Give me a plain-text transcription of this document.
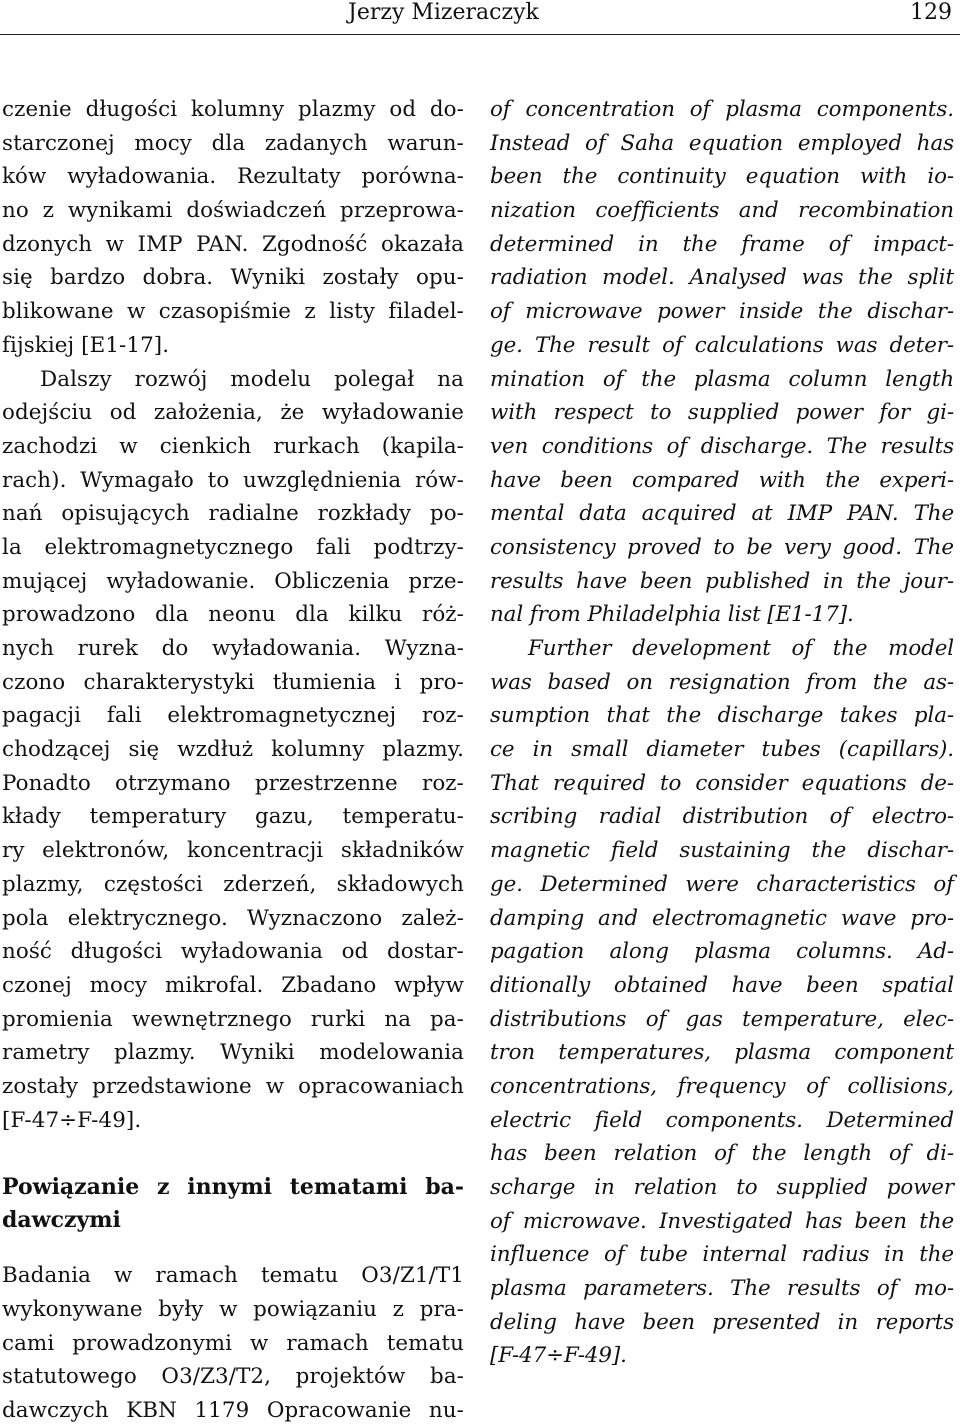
Jerzy Mizeraczyk	129
czenie długości kolumny plazmy od do-
starczonej mocy dla zadanych warun-
ków wyładowania. Rezultaty porówna-
no z wynikami doświadczeń przeprowa-
dzonych w IMP PAN. Zgodność okazała
się bardzo dobra. Wyniki zostały opu-
blikowane w czasopiśmie z listy filadel-
fijskiej [E1-17].
Dalszy rozwój modelu polegał na
odejściu od założenia, że wyładowanie
zachodzi w cienkich rurkach (kapila-
rach). Wymagało to uwzględnienia rów-
nań opisujących radialne rozkłady po-
la elektromagnetycznego fali podtrzy-
mującej wyładowanie. Obliczenia prze-
prowadzono dla neonu dla kilku róż-
nych rurek do wyładowania. Wyzna-
czono charakterystyki tłumienia i pro-
pagacji fali elektromagnetycznej roz-
chodzącej się wzdłuż kolumny plazmy.
Ponadto otrzymano przestrzenne roz-
kłady temperatury gazu, temperatu-
ry elektronów, koncentracji składników
plazmy, częstości zderzeń, składowych
pola elektrycznego. Wyznaczono zależ-
ność długości wyładowania od dostar-
czonej mocy mikrofal. Zbadano wpływ
promienia wewnętrznego rurki na pa-
rametry plazmy. Wyniki modelowania
zostały przedstawione w opracowaniach
[F-47÷F-49].
Powiązanie z innymi tematami ba-
dawczymi
Badania w ramach tematu O3/Z1/T1
wykonywane były w powiązaniu z pra-
cami prowadzonymi w ramach tematu
statutowego O3/Z3/T2, projektów ba-
dawczych KBN 1179 Opracowanie nu-
of concentration of plasma components.
Instead of Saha equation employed has
been the continuity equation with io-
nization coefficients and recombination
determined in the frame of impact-
radiation model. Analysed was the split
of microwave power inside the dischar-
ge. The result of calculations was deter-
mination of the plasma column length
with respect to supplied power for gi-
ven conditions of discharge. The results
have been compared with the experi-
mental data acquired at IMP PAN. The
consistency proved to be very good. The
results have been published in the jour-
nal from Philadelphia list [E1-17].
Further development of the model
was based on resignation from the as-
sumption that the discharge takes pla-
ce in small diameter tubes (capillars).
That required to consider equations de-
scribing radial distribution of electro-
magnetic field sustaining the dischar-
ge. Determined were characteristics of
damping and electromagnetic wave pro-
pagation along plasma columns. Ad-
ditionally obtained have been spatial
distributions of gas temperature, elec-
tron temperatures, plasma component
concentrations, frequency of collisions,
electric field components. Determined
has been relation of the length of di-
scharge in relation to supplied power
of microwave. Investigated has been the
influence of tube internal radius in the
plasma parameters. The results of mo-
deling have been presented in reports
[F-47÷F-49].
